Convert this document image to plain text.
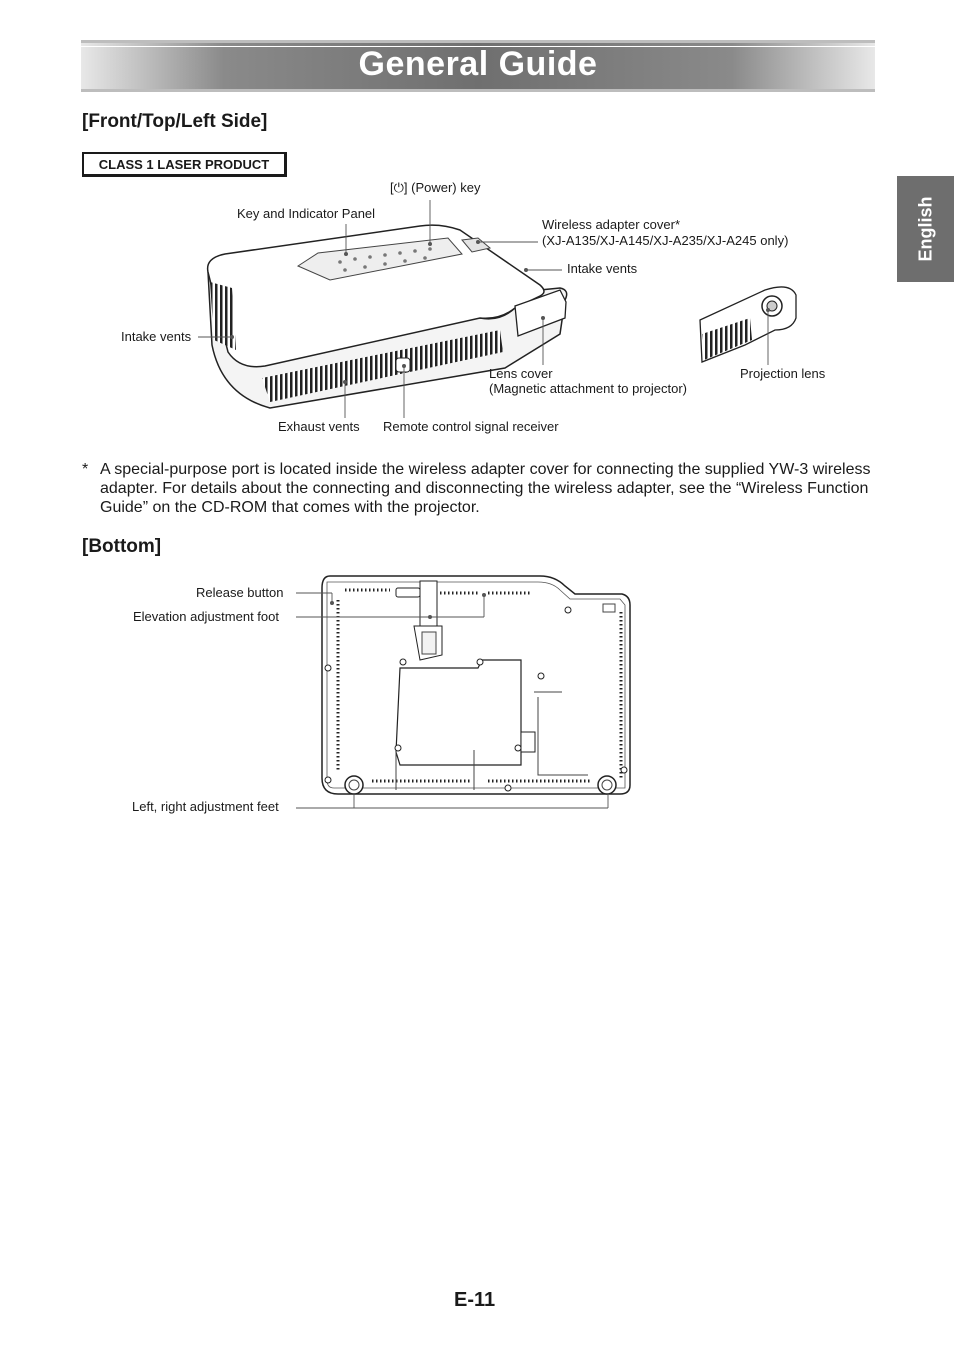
General Guide
English
[Front/Top/Left Side]
CLASS 1 LASER PRODUCT
[⏻] (Power) key
Key and Indicator Panel
Wireless adapter cover*
(XJ-A135/XJ-A145/XJ-A235/XJ-A245 only)
Intake vents
Intake vents
Lens cover
(Magnetic attachment to projector)
Projection lens
Exhaust vents Remote control signal receiver
* A special-purpose port is located inside the wireless adapter cover for connecting the supplied YW-3 wireless adapter. For details about the connecting and disconnecting the wireless adapter, see the “Wireless Function Guide” on the CD-ROM that comes with the projector.
[Bottom]
Release button
Elevation adjustment foot
Left, right adjustment feet
E-11
